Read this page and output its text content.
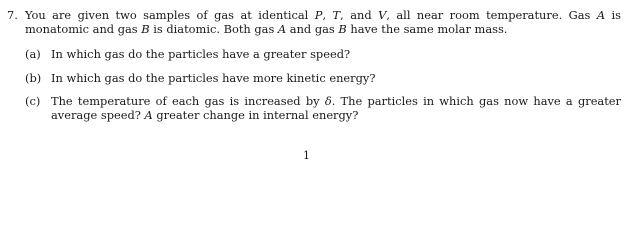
7. You are given two samples of gas at identical P, T, and V, all near room temperature. Gas A is
monatomic and gas B is diatomic. Both gas A and gas B have the same molar mass.
(a) In which gas do the particles have a greater speed?
(b) In which gas do the particles have more kinetic energy?
(c) The temperature of each gas is increased by δ. The particles in which gas now have a greater
average speed? A greater change in internal energy?
1
